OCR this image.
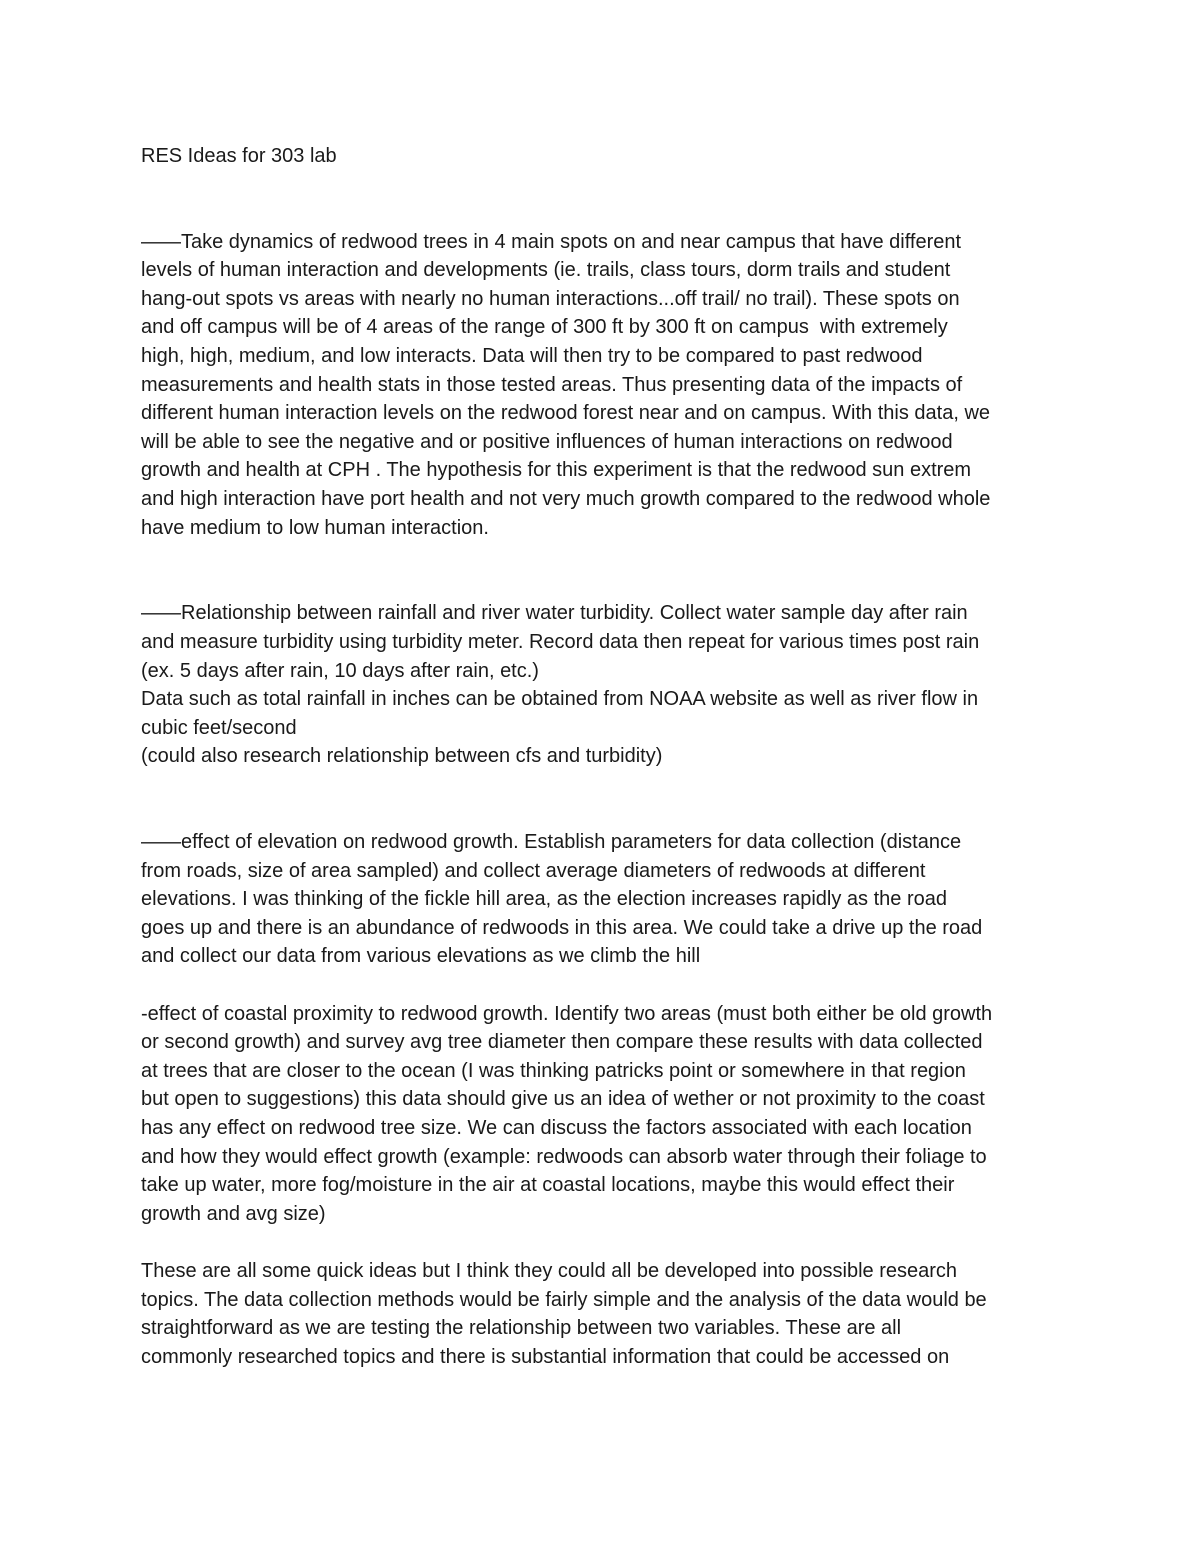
RES Ideas for 303 lab
——Take dynamics of redwood trees in 4 main spots on and near campus that have different
levels of human interaction and developments (ie. trails, class tours, dorm trails and student
hang-out spots vs areas with nearly no human interactions...off trail/ no trail). These spots on
and off campus will be of 4 areas of the range of 300 ft by 300 ft on campus  with extremely
high, high, medium, and low interacts. Data will then try to be compared to past redwood
measurements and health stats in those tested areas. Thus presenting data of the impacts of
different human interaction levels on the redwood forest near and on campus. With this data, we
will be able to see the negative and or positive influences of human interactions on redwood
growth and health at CPH . The hypothesis for this experiment is that the redwood sun extrem
and high interaction have port health and not very much growth compared to the redwood whole
have medium to low human interaction.
——Relationship between rainfall and river water turbidity. Collect water sample day after rain
and measure turbidity using turbidity meter. Record data then repeat for various times post rain
(ex. 5 days after rain, 10 days after rain, etc.)
Data such as total rainfall in inches can be obtained from NOAA website as well as river flow in
cubic feet/second
(could also research relationship between cfs and turbidity)
——effect of elevation on redwood growth. Establish parameters for data collection (distance
from roads, size of area sampled) and collect average diameters of redwoods at different
elevations. I was thinking of the fickle hill area, as the election increases rapidly as the road
goes up and there is an abundance of redwoods in this area. We could take a drive up the road
and collect our data from various elevations as we climb the hill
-effect of coastal proximity to redwood growth. Identify two areas (must both either be old growth
or second growth) and survey avg tree diameter then compare these results with data collected
at trees that are closer to the ocean (I was thinking patricks point or somewhere in that region
but open to suggestions) this data should give us an idea of wether or not proximity to the coast
has any effect on redwood tree size. We can discuss the factors associated with each location
and how they would effect growth (example: redwoods can absorb water through their foliage to
take up water, more fog/moisture in the air at coastal locations, maybe this would effect their
growth and avg size)
These are all some quick ideas but I think they could all be developed into possible research
topics. The data collection methods would be fairly simple and the analysis of the data would be
straightforward as we are testing the relationship between two variables. These are all
commonly researched topics and there is substantial information that could be accessed on
